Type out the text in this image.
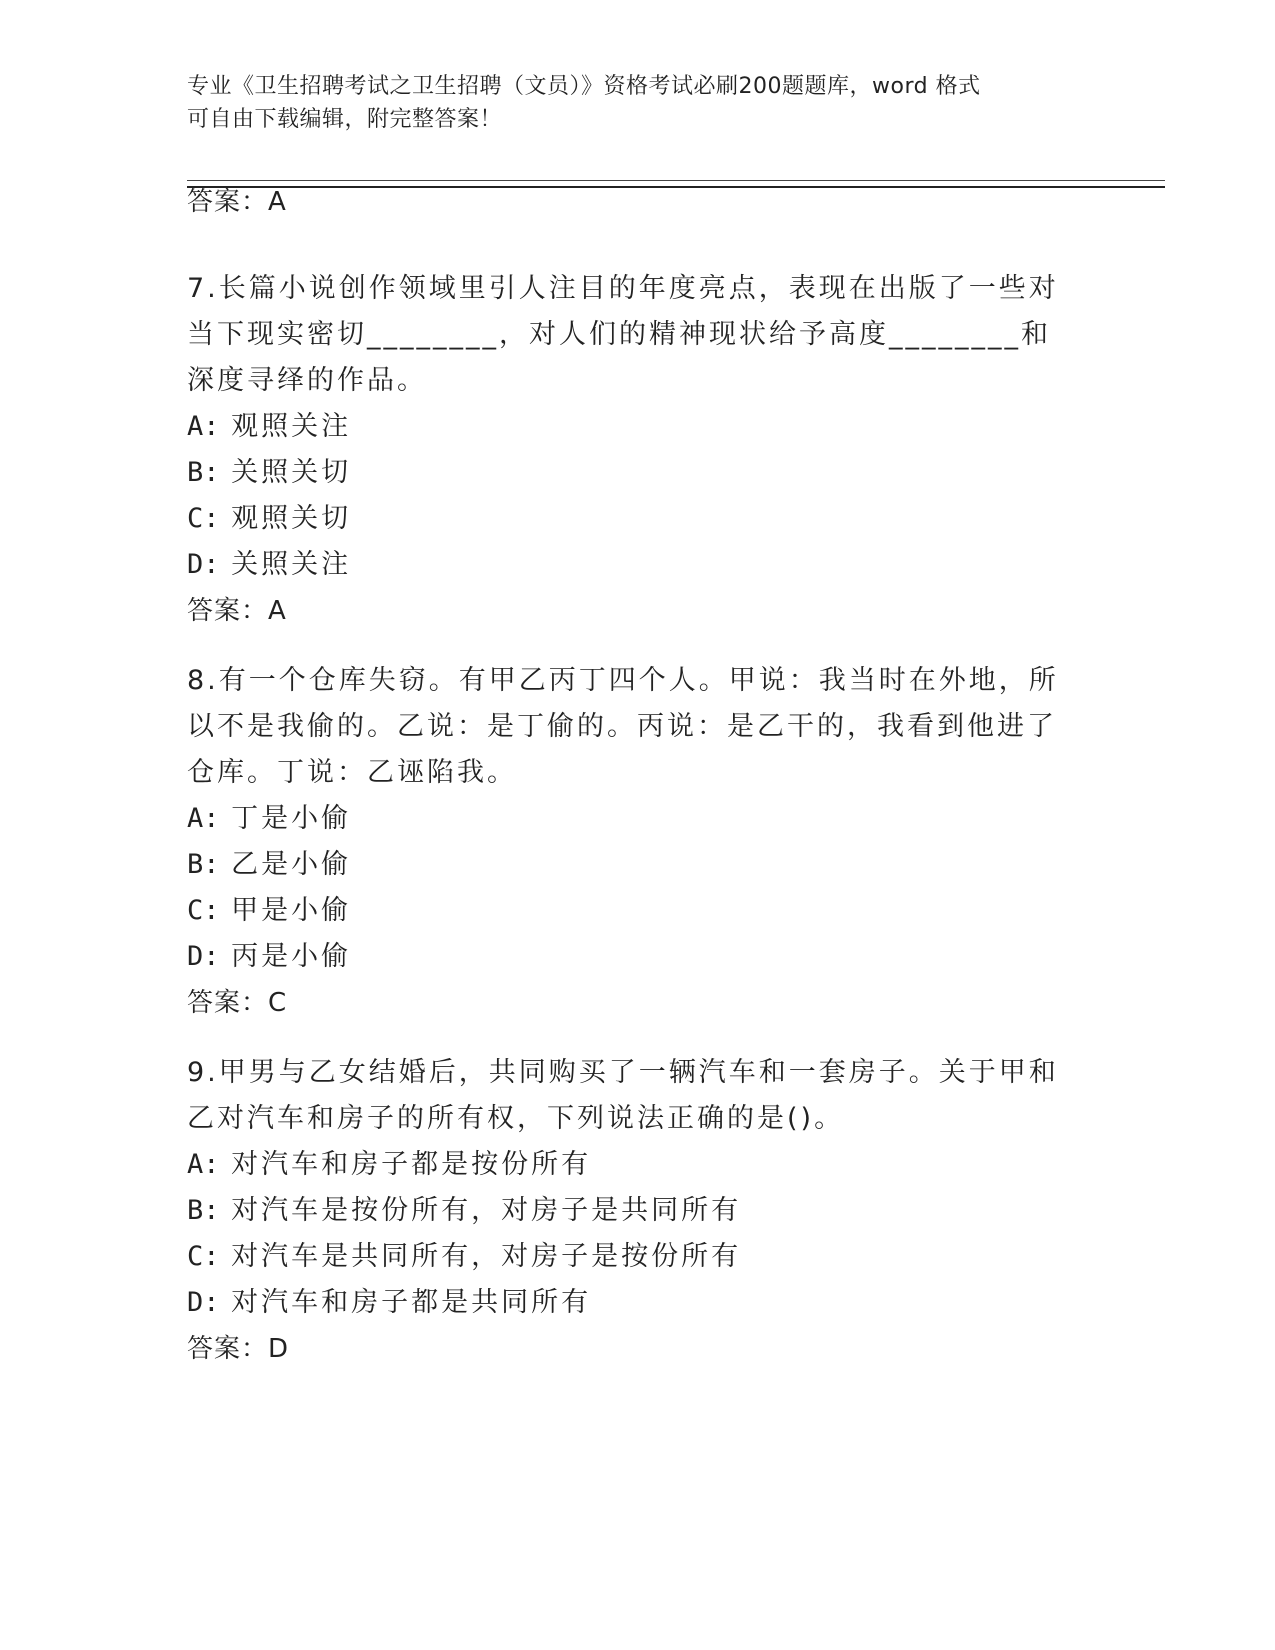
专业《卫生招聘考试之卫生招聘（文员）》资格考试必刷200题题库，word 格式
可自由下载编辑，附完整答案！
答案：A

7.长篇小说创作领域里引人注目的年度亮点，表现在出版了一些对当下现实密切________，对人们的精神现状给予高度________和深度寻绎的作品。

A: 观照关注

B: 关照关切

C: 观照关切

D: 关照关注

答案：A

8.有一个仓库失窃。有甲乙丙丁四个人。甲说：我当时在外地，所以不是我偷的。乙说：是丁偷的。丙说：是乙干的，我看到他进了仓库。丁说：乙诬陷我。

A: 丁是小偷

B: 乙是小偷

C: 甲是小偷

D: 丙是小偷

答案：C

9.甲男与乙女结婚后，共同购买了一辆汽车和一套房子。关于甲和乙对汽车和房子的所有权，下列说法正确的是()。

A: 对汽车和房子都是按份所有

B: 对汽车是按份所有，对房子是共同所有

C: 对汽车是共同所有，对房子是按份所有

D: 对汽车和房子都是共同所有

答案：D
